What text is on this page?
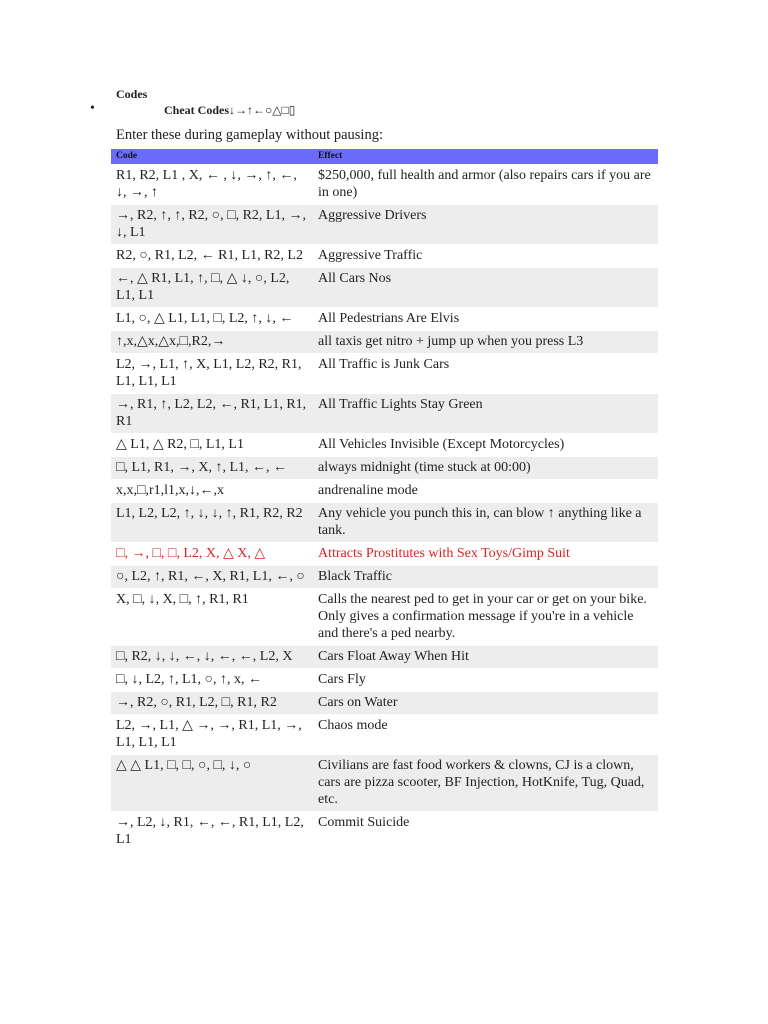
Codes
•	Cheat Codes↓→↑←○△□▯
Enter these during gameplay without pausing:
Code	Effect
R1, R2, L1 , X, ← , ↓, →, ↑, ←, ↓, →, ↑	$250,000, full health and armor (also repairs cars if you are in one)
→, R2, ↑, ↑, R2, ○, □, R2, L1, →, ↓, L1	Aggressive Drivers
R2, ○, R1, L2, ← R1, L1, R2, L2	Aggressive Traffic
←, △ R1, L1, ↑, □, △ ↓, ○, L2, L1, L1	All Cars Nos
L1, ○, △ L1, L1, □, L2, ↑, ↓, ←	All Pedestrians Are Elvis
↑,x,△x,△x,□,R2,→	all taxis get nitro + jump up when you press L3
L2, →, L1, ↑, X, L1, L2, R2, R1, L1, L1, L1	All Traffic is Junk Cars
→, R1, ↑, L2, L2, ←, R1, L1, R1, R1	All Traffic Lights Stay Green
△ L1, △ R2, □, L1, L1	All Vehicles Invisible (Except Motorcycles)
□, L1, R1, →, X, ↑, L1, ←, ←	always midnight (time stuck at 00:00)
x,x,□,r1,l1,x,↓,←,x	andrenaline mode
L1, L2, L2, ↑, ↓, ↓, ↑, R1, R2, R2	Any vehicle you punch this in, can blow ↑ anything like a tank.
□, →, □, □, L2, X, △ X, △	Attracts Prostitutes with Sex Toys/Gimp Suit
○, L2, ↑, R1, ←, X, R1, L1, ←, ○	Black Traffic
X, □, ↓, X, □, ↑, R1, R1	Calls the nearest ped to get in your car or get on your bike. Only gives a confirmation message if you're in a vehicle and there's a ped nearby.
□, R2, ↓, ↓, ←, ↓, ←, ←, L2, X	Cars Float Away When Hit
□, ↓, L2, ↑, L1, ○, ↑, x, ←	Cars Fly
→, R2, ○, R1, L2, □, R1, R2	Cars on Water
L2, →, L1, △ →, →, R1, L1, →, L1, L1, L1	Chaos mode
△ △ L1, □, □, ○, □, ↓, ○	Civilians are fast food workers & clowns, CJ is a clown, cars are pizza scooter, BF Injection, HotKnife, Tug, Quad, etc.
→, L2, ↓, R1, ←, ←, R1, L1, L2, L1	Commit Suicide
